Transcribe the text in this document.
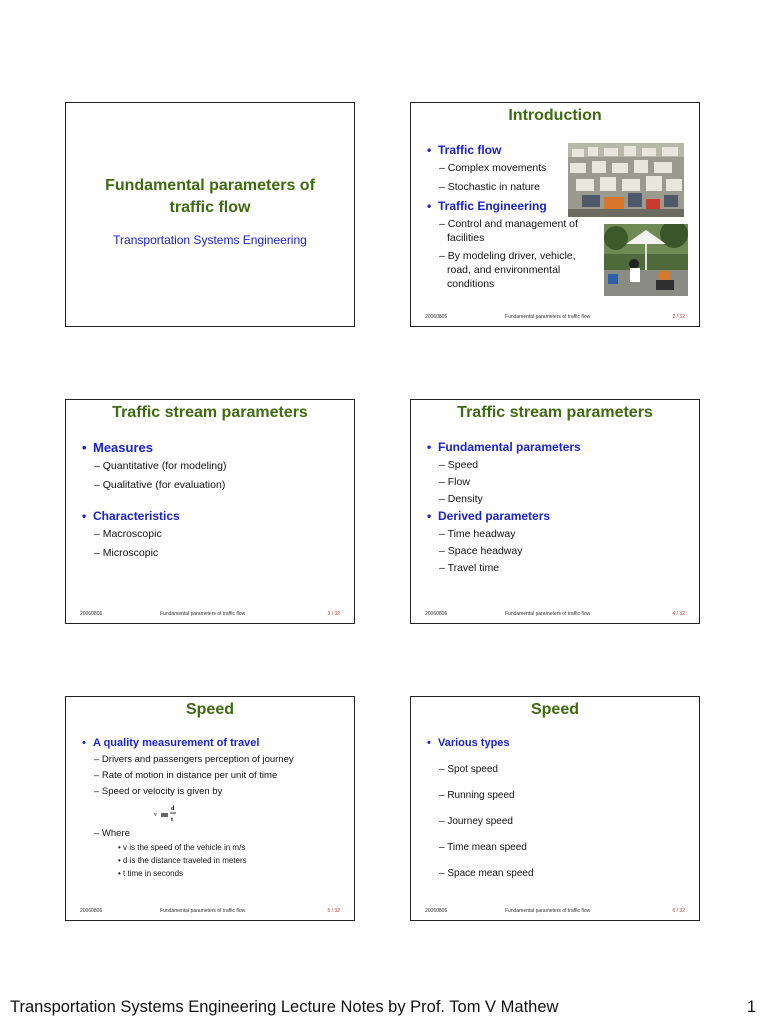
Fundamental parameters of
traffic flow
Transportation Systems Engineering
Introduction
• Traffic flow
– Complex movements
– Stochastic in nature
• Traffic Engineering
– Control and management of
facilities
– By modeling driver, vehicle,
road, and environmental
conditions
20060806	Fundamental parameters of traffic flow	2 / 32
Traffic stream parameters
• Measures
– Quantitative (for modeling)
– Qualitative (for evaluation)
• Characteristics
– Macroscopic
– Microscopic
20060806	Fundamental parameters of traffic flow	3 / 32
Traffic stream parameters
• Fundamental parameters
– Speed
– Flow
– Density
• Derived parameters
– Time headway
– Space headway
– Travel time
20060806	Fundamental parameters of traffic flow	4 / 32
Speed
• A quality measurement of travel
– Drivers and passengers perception of journey
– Rate of motion in distance per unit of time
– Speed or velocity is given by
v
d
t
– Where
• v is the speed of the vehicle in m/s
• d is the distance traveled in meters
• t time in seconds
20060806	Fundamental parameters of traffic flow	5 / 32
Speed
• Various types
– Spot speed
– Running speed
– Journey speed
– Time mean speed
– Space mean speed
20060806	Fundamental parameters of traffic flow	6 / 32
Transportation Systems Engineering Lecture Notes by Prof. Tom V Mathew	1
